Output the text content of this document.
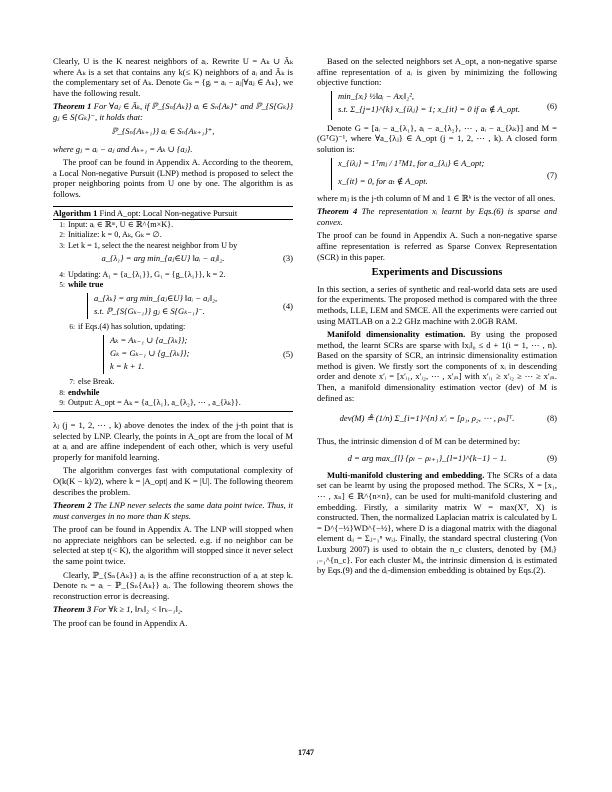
Clearly, U is the K nearest neighbors of aᵢ. Rewrite U = Aₖ ∪ Āₖ where Aₖ is a set that contains any k(≤ K) neighbors of aᵢ and Āₖ is the complementary set of Aₖ. Denote Gₖ = {gᵢ = aᵢ − aⱼ|∀aⱼ ∈ Aₖ}, we have the following result.

Theorem 1 For ∀aⱼ ∈ Āₖ, if ℙ_{Sₙ{Aₖ}} aᵢ ∈ Sₙ{Aₖ}⁺ and ℙ_{S{Gₖ}} gⱼ ∈ S{Gₖ}⁻, it holds that:
ℙ_{Sₙ{Aₖ₊₁}} aᵢ ∈ Sₙ{Aₖ₊₁}⁺,
where gⱼ = aᵢ − aⱼ and Aₖ₊₁ = Aₖ ∪ {aⱼ}.

The proof can be found in Appendix A. According to the theorem, a Local Non-negative Pursuit (LNP) method is proposed to select the proper neighboring points from U one by one. The algorithm is as follows.

Algorithm 1 Find A_opt: Local Non-negative Pursuit
1: Input: aᵢ ∈ ℝᵐ, U ∈ ℝ^{m×K}.
2: Initialize: k = 0, Aₖ, Gₖ = ∅.
3: Let k = 1, select the the nearest neighbor from U by
a_{λ₁} = arg min_{aⱼ∈U} ‖aᵢ − aⱼ‖₂.	(3)
4: Updating: A₁ = {a_{λ₁}}, G₁ = {g_{λ₁}}, k = 2.
5: while true
a_{λₖ} = arg min_{aⱼ∈U} ‖aᵢ − aⱼ‖₂,
s.t. ℙ_{S{Gₖ₋₁}} gⱼ ∈ S{Gₖ₋₁}⁻.	(4)
6: if Eqs.(4) has solution, updating:
Aₖ = Aₖ₋₁ ∪ {a_{λₖ}};
Gₖ = Gₖ₋₁ ∪ {g_{λₖ}};
k = k + 1.
(5)
7: else Break.
8: endwhile
9: Output: A_opt = Aₖ = {a_{λ₁}, a_{λ₂}, ⋯ , a_{λₖ}}.

λⱼ (j = 1, 2, ⋯ , k) above denotes the index of the j-th point that is selected by LNP. Clearly, the points in A_opt are from the local of M at aᵢ and are affine independent of each other, which is very useful properly for manifold learning.

The algorithm converges fast with computational complexity of O(k(K − k)/2), where k = |A_opt| and K = |U|. The following theorem describes the problem.

Theorem 2 The LNP never selects the same data point twice. Thus, it must converges in no more than K steps.

The proof can be found in Appendix A. The LNP will stopped when no appreciate neighbors can be selected. e.g. if no neighbor can be selected at step t(< K), the algorithm will stopped since it never select the same point twice.

Clearly, ℙ_{Sₙ{Aₖ}} aᵢ is the affine reconstruction of aᵢ at step k. Denote rₖ = aᵢ − ℙ_{Sₙ{Aₖ}} aᵢ. The following theorem shows the reconstruction error is decreasing.

Theorem 3 For ∀k ≥ 1, ‖rₖ‖₂ < ‖rₖ₋₁‖₂.

The proof can be found in Appendix A.

Based on the selected neighbors set A_opt, a non-negative sparse affine representation of aᵢ is given by minimizing the following objective function:

min_{xᵢ} ½‖aᵢ − Axᵢ‖₂²,
s.t. Σ_{j=1}^{k} x_{iλⱼ} = 1; x_{it} = 0 if aₜ ∉ A_opt.	(6)

Denote G = [aᵢ − a_{λ₁}, aᵢ − a_{λ₂}, ⋯ , aᵢ − a_{λₖ}] and M = (GᵀG)⁻¹, where ∀a_{λⱼ} ∈ A_opt (j = 1, 2, ⋯ , k). A closed form solution is:

x_{iλⱼ} = 1ᵀmⱼ / 1ᵀM1, for a_{λⱼ} ∈ A_opt;
x_{it} = 0, for aₜ ∉ A_opt.
(7)

where mⱼ is the j-th column of M and 1 ∈ ℝᵏ is the vector of all ones.

Theorem 4 The representation xᵢ learnt by Eqs.(6) is sparse and convex.

The proof can be found in Appendix A. Such a non-negative sparse affine representation is referred as Sparse Convex Representation (SCR) in this paper.

Experiments and Discussions

In this section, a series of synthetic and real-world data sets are used for the experiments. The proposed method is compared with the three methods, LLE, LEM and SMCE. All the experiments were carried out using MATLAB on a 2.2 GHz machine with 2.0GB RAM.

Manifold dimensionality estimation. By using the proposed method, the learnt SCRs are sparse with ‖xᵢ‖₀ ≤ d + 1(i = 1, ⋯ , n). Based on the sparsity of SCR, an intrinsic dimensionality estimation method is given. We firstly sort the components of xᵢ in descending order and denote x′ᵢ = [x′ᵢ₁, x′ᵢ₂, ⋯ , x′ᵢₙ] with x′ᵢ₁ ≥ x′ᵢ₂ ≥ ⋯ ≥ x′ᵢₙ. Then, a manifold dimensionality estimation vector (dev) of M is defined as:

dev(M) ≜ (1/n) Σ_{i=1}^{n} x′ᵢ = [ρ₁, ρ₂, ⋯ , ρₙ]ᵀ.	(8)

Thus, the intrinsic dimension d of M can be determined by:

d = arg max_{l} {ρₗ − ρₗ₊₁}_{l=1}^{k−1} − 1.	(9)

Multi-manifold clustering and embedding. The SCRs of a data set can be learnt by using the proposed method. The SCRs, X = [x₁, ⋯ , xₙ] ∈ ℝ^{n×n}, can be used for multi-manifold clustering and embedding. Firstly, a similarity matrix W = max(Xᵀ, X) is constructed. Then, the normalized Laplacian matrix is calculated by L = D^{−½}WD^{−½}, where D is a diagonal matrix with the diagonal element dᵢᵢ = Σⱼ₌₁ⁿ wᵢⱼ. Finally, the standard spectral clustering (Von Luxburg 2007) is used to obtain the n_c clusters, denoted by {Mᵢ}ᵢ₌₁^{n_c}. For each cluster Mᵢ, the intrinsic dimension dᵢ is estimated by Eqs.(9) and the dᵢ-dimension embedding is obtained by Eqs.(2).

1747
